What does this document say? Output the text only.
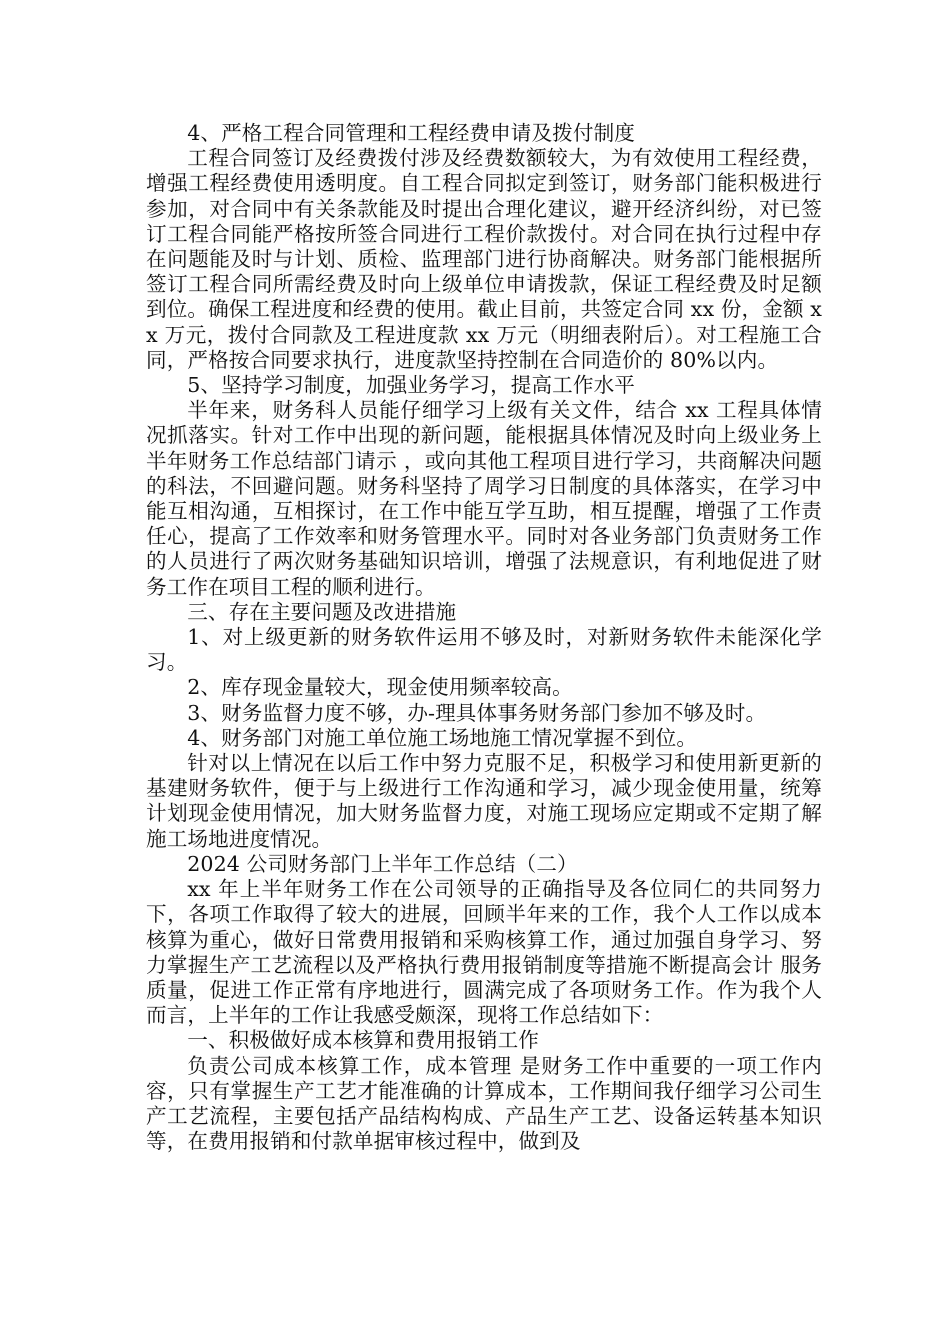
4、严格工程合同管理和工程经费申请及拨付制度

工程合同签订及经费拨付涉及经费数额较大，为有效使用工程经费，增强工程经费使用透明度。自工程合同拟定到签订，财务部门能积极进行参加，对合同中有关条款能及时提出合理化建议，避开经济纠纷，对已签订工程合同能严格按所签合同进行工程价款拨付。对合同在执行过程中存在问题能及时与计划、质检、监理部门进行协商解决。财务部门能根据所签订工程合同所需经费及时向上级单位申请拨款，保证工程经费及时足额到位。确保工程进度和经费的使用。截止目前，共签定合同 xx 份，金额 xx 万元，拨付合同款及工程进度款 xx 万元（明细表附后）。对工程施工合同，严格按合同要求执行，进度款坚持控制在合同造价的 80%以内。

5、坚持学习制度，加强业务学习，提高工作水平

半年来，财务科人员能仔细学习上级有关文件，结合 xx 工程具体情况抓落实。针对工作中出现的新问题，能根据具体情况及时向上级业务上半年财务工作总结部门请示 ，或向其他工程项目进行学习，共商解决问题的科法，不回避问题。财务科坚持了周学习日制度的具体落实，在学习中能互相沟通，互相探讨，在工作中能互学互助，相互提醒，增强了工作责任心，提高了工作效率和财务管理水平。同时对各业务部门负责财务工作的人员进行了两次财务基础知识培训，增强了法规意识，有利地促进了财务工作在项目工程的顺利进行。

三、存在主要问题及改进措施

1、对上级更新的财务软件运用不够及时，对新财务软件未能深化学习。

2、库存现金量较大，现金使用频率较高。

3、财务监督力度不够，办-理具体事务财务部门参加不够及时。

4、财务部门对施工单位施工场地施工情况掌握不到位。

针对以上情况在以后工作中努力克服不足，积极学习和使用新更新的基建财务软件，便于与上级进行工作沟通和学习，减少现金使用量，统筹计划现金使用情况，加大财务监督力度，对施工现场应定期或不定期了解施工场地进度情况。

2024 公司财务部门上半年工作总结（二）

xx 年上半年财务工作在公司领导的正确指导及各位同仁的共同努力下，各项工作取得了较大的进展，回顾半年来的工作，我个人工作以成本核算为重心，做好日常费用报销和采购核算工作，通过加强自身学习、努力掌握生产工艺流程以及严格执行费用报销制度等措施不断提高会计 服务质量，促进工作正常有序地进行，圆满完成了各项财务工作。作为我个人而言，上半年的工作让我感受颇深，现将工作总结如下：

一、积极做好成本核算和费用报销工作

负责公司成本核算工作，成本管理 是财务工作中重要的一项工作内容，只有掌握生产工艺才能准确的计算成本，工作期间我仔细学习公司生产工艺流程，主要包括产品结构构成、产品生产工艺、设备运转基本知识等，在费用报销和付款单据审核过程中，做到及
